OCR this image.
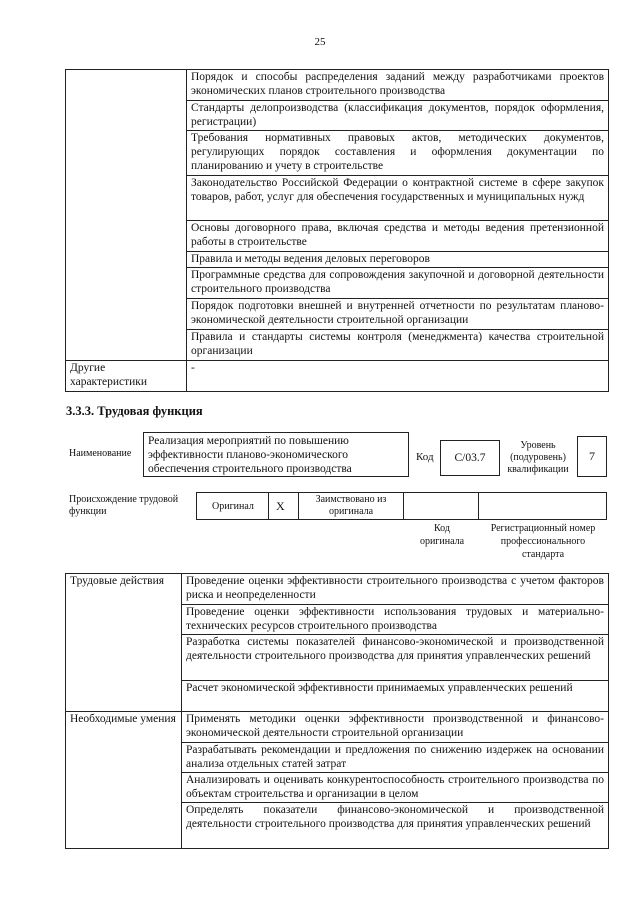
25
	Порядок и способы распределения заданий между разработчиками проектов экономических планов строительного производства
	Стандарты делопроизводства (классификация документов, порядок оформления, регистрации)
	Требования нормативных правовых актов, методических документов, регулирующих порядок составления и оформления документации по планированию и учету в строительстве
	Законодательство Российской Федерации о контрактной системе в сфере закупок товаров, работ, услуг для обеспечения государственных и муниципальных нужд
	Основы договорного права, включая средства и методы ведения претензионной работы в строительстве
	Правила и методы ведения деловых переговоров
	Программные средства для сопровождения закупочной и договорной деятельности строительного производства
	Порядок подготовки внешней и внутренней отчетности по результатам планово-экономической деятельности строительной организации
	Правила и стандарты системы контроля (менеджмента) качества строительной организации
Другие характеристики	-
3.3.3. Трудовая функция
Наименование
Реализация мероприятий по повышению эффективности планово-экономического обеспечения строительного производства
Код	С/03.7
Уровень (подуровень) квалификации
7
Происхождение трудовой функции	Оригинал X	Заимствовано из оригинала
Код оригинала
Регистрационный номер профессионального стандарта
Трудовые действия	Проведение оценки эффективности строительного производства с учетом факторов риска и неопределенности
	Проведение оценки эффективности использования трудовых и материально-технических ресурсов строительного производства
	Разработка системы показателей финансово-экономической и производственной деятельности строительного производства для принятия управленческих решений
	Расчет экономической эффективности принимаемых управленческих решений
Необходимые умения	Применять методики оценки эффективности производственной и финансово-экономической деятельности строительной организации
	Разрабатывать рекомендации и предложения по снижению издержек на основании анализа отдельных статей затрат
	Анализировать и оценивать конкурентоспособность строительного производства по объектам строительства и организации в целом
	Определять показатели финансово-экономической и производственной деятельности строительного производства для принятия управленческих решений
